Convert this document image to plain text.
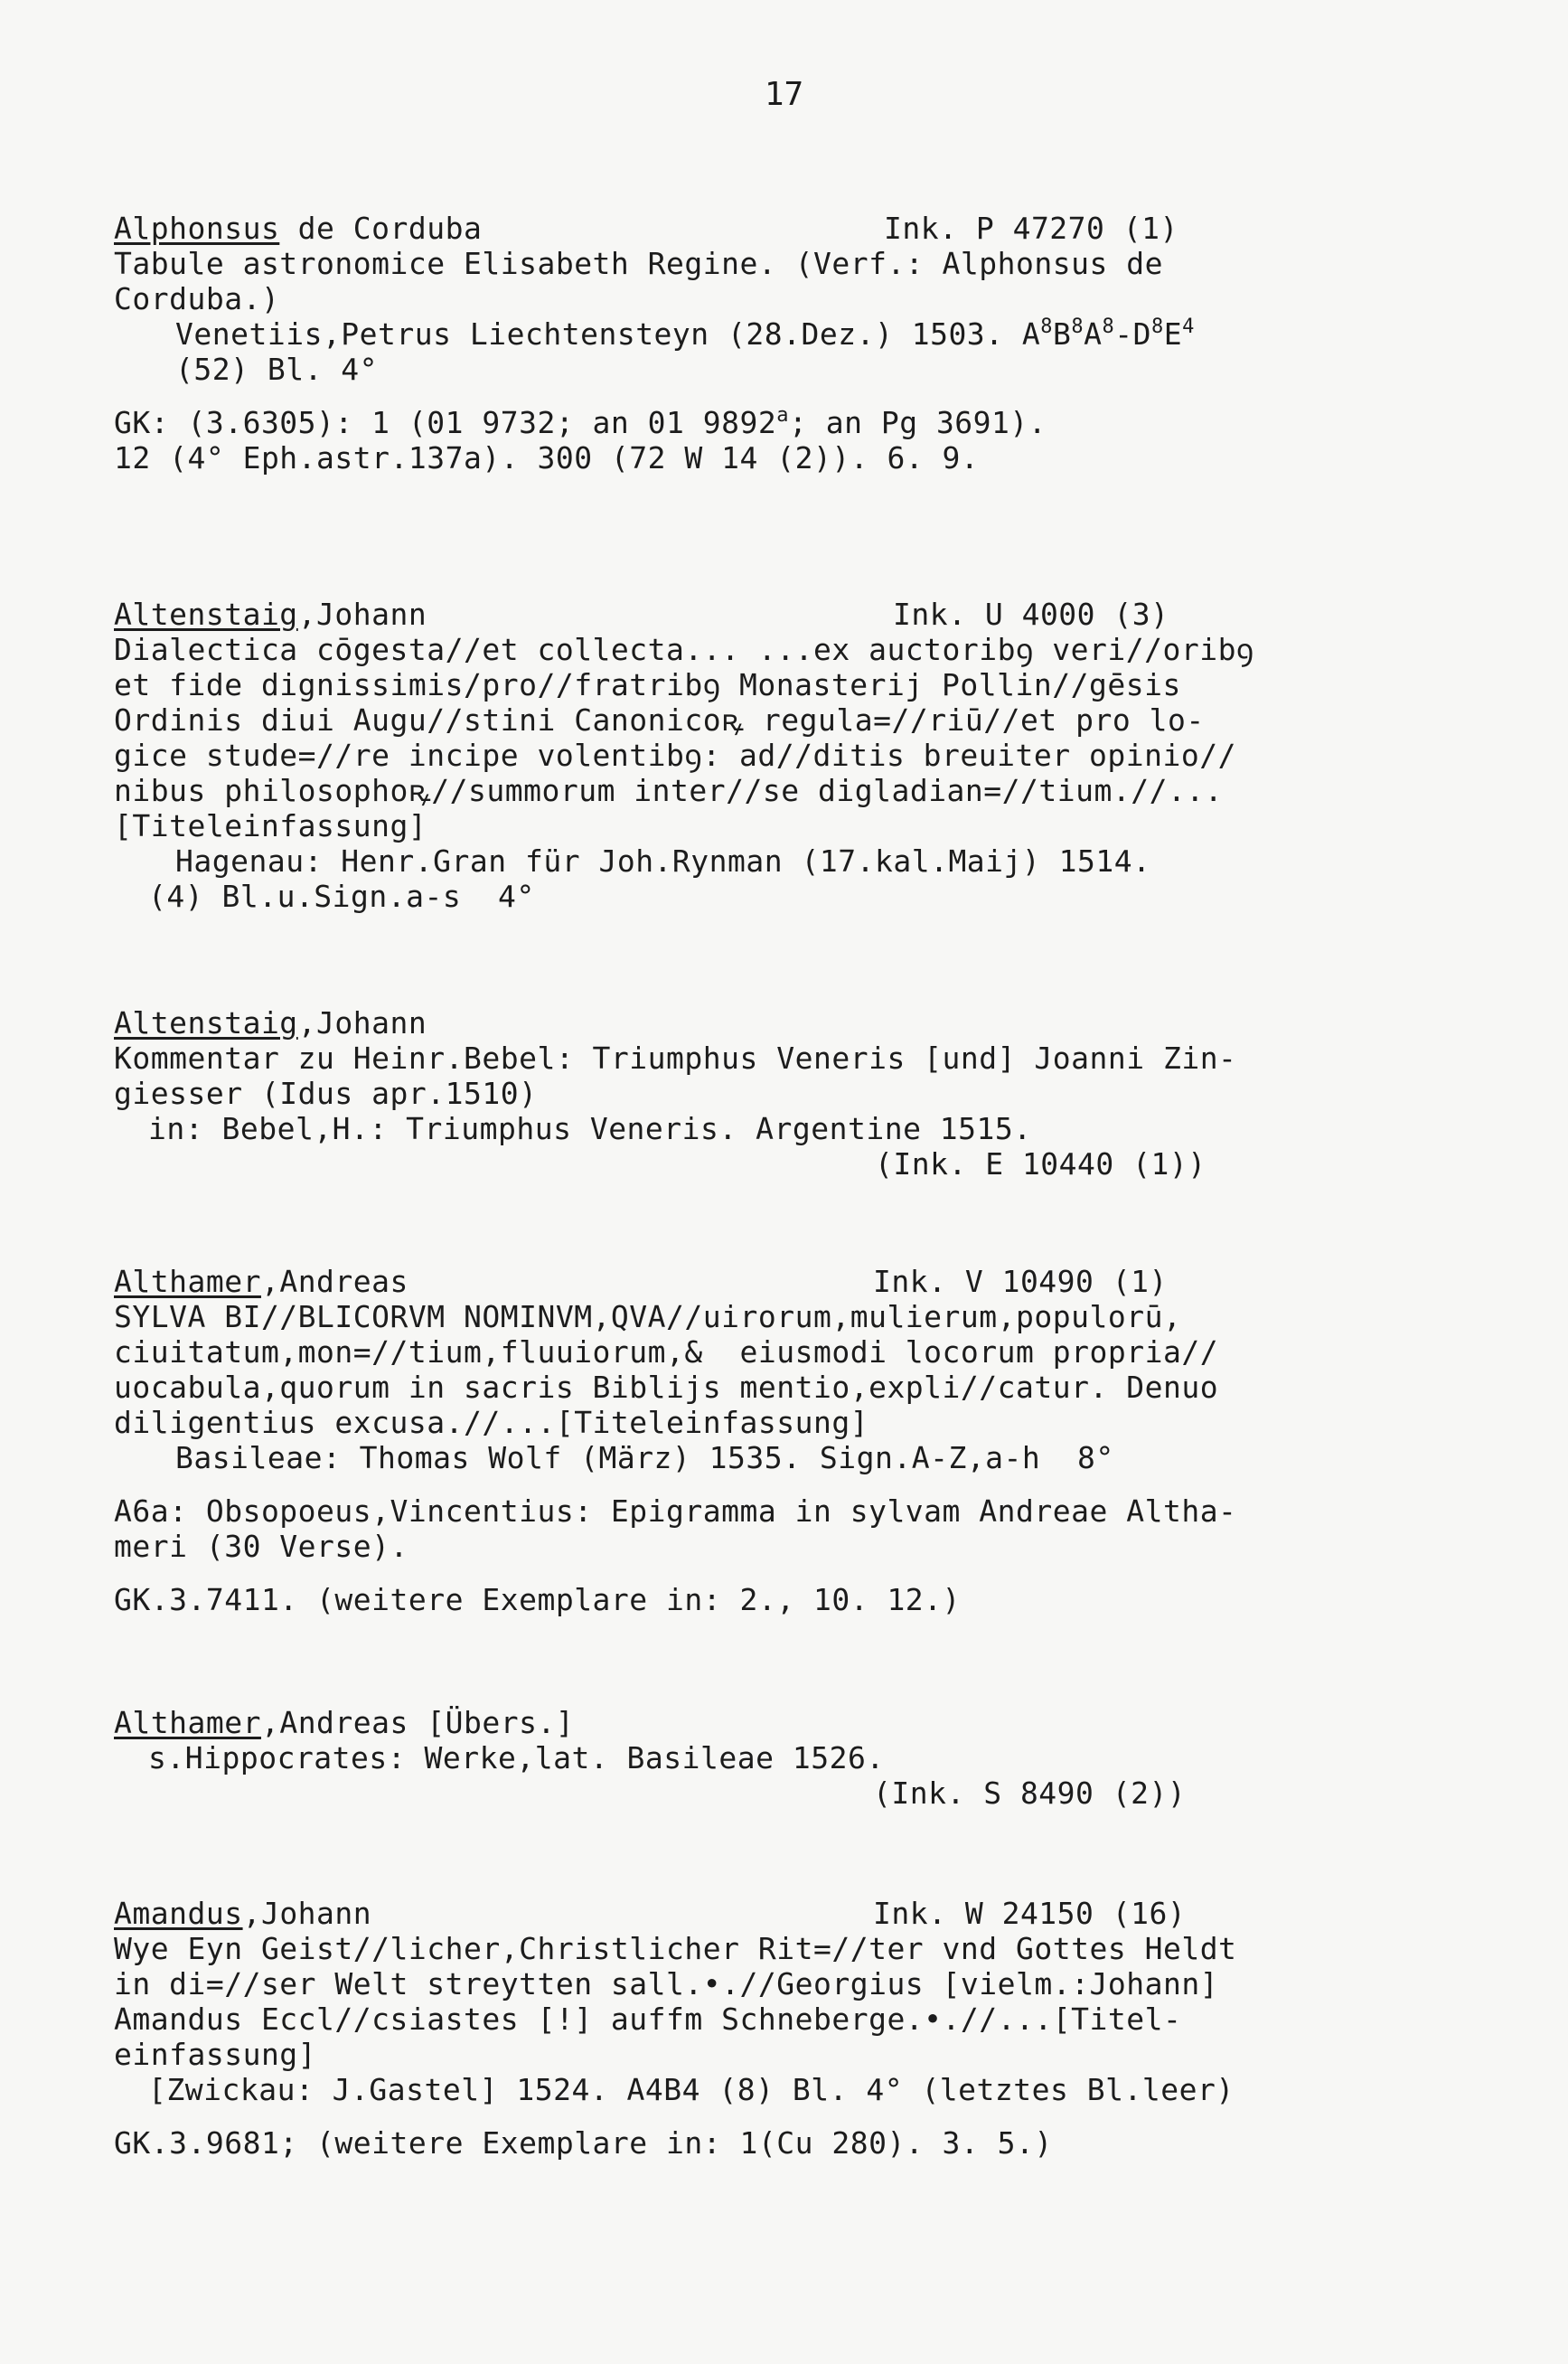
17
Alphonsus de Corduba	Ink. P 47270 (1)
Tabule astronomice Elisabeth Regine. (Verf.: Alphonsus de
Corduba.)
Venetiis,Petrus Liechtensteyn (28.Dez.) 1503. $A^8B^8A^8-D^8E^4$
(52) Bl. 4°
GK: (3.6305): 1 (01 9732; an 01 9892$^a$; an Pg 3691).
12 (4° Eph.astr.137a). 300 (72 W 14 (2)). 6. 9.
Altenstaig,Johann	Ink. U 4000 (3)
Dialectica cōgesta//et collecta... ...ex auctoribꝯ veri//oribꝯ
et fide dignissimis/pro//fratribꝯ Monasterij Pollin//gēsis
Ordinis diui Augu//stini Canonicoꝶ regula=//riū//et pro lo-
gice stude=//re incipe volentibꝯ: ad//ditis breuiter opinio//
nibus philosophoꝶ//summorum inter//se digladian=//tium.//...
[Titeleinfassung]
Hagenau: Henr.Gran für Joh.Rynman (17.kal.Maij) 1514.
(4) Bl.u.Sign.a-s  4°
Altenstaig,Johann
Kommentar zu Heinr.Bebel: Triumphus Veneris [und] Joanni Zin-
giesser (Idus apr.1510)
in: Bebel,H.: Triumphus Veneris. Argentine 1515.
(Ink. E 10440 (1))
Althamer,Andreas	Ink. V 10490 (1)
SYLVA BI//BLICORVM NOMINVM,QVA//uirorum,mulierum,populorū,
ciuitatum,mon=//tium,fluuiorum,&  eiusmodi locorum propria//
uocabula,quorum in sacris Biblijs mentio,expli//catur. Denuo
diligentius excusa.//...[Titeleinfassung]
Basileae: Thomas Wolf (März) 1535. Sign.A-Z,a-h  8°
A6a: Obsopoeus,Vincentius: Epigramma in sylvam Andreae Altha-
meri (30 Verse).
GK.3.7411. (weitere Exemplare in: 2., 10. 12.)
Althamer,Andreas [Übers.]
s.Hippocrates: Werke,lat. Basileae 1526.
(Ink. S 8490 (2))
Amandus,Johann	Ink. W 24150 (16)
Wye Eyn Geist//licher,Christlicher Rit=//ter vnd Gottes Heldt
in di=//ser Welt streytten sall.•.//Georgius [vielm.:Johann]
Amandus Eccl//csiastes [!] auffm Schneberge.•.//...[Titel-
einfassung]
[Zwickau: J.Gastel] 1524. A4B4 (8) Bl. 4° (letztes Bl.leer)
GK.3.9681; (weitere Exemplare in: 1(Cu 280). 3. 5.)
